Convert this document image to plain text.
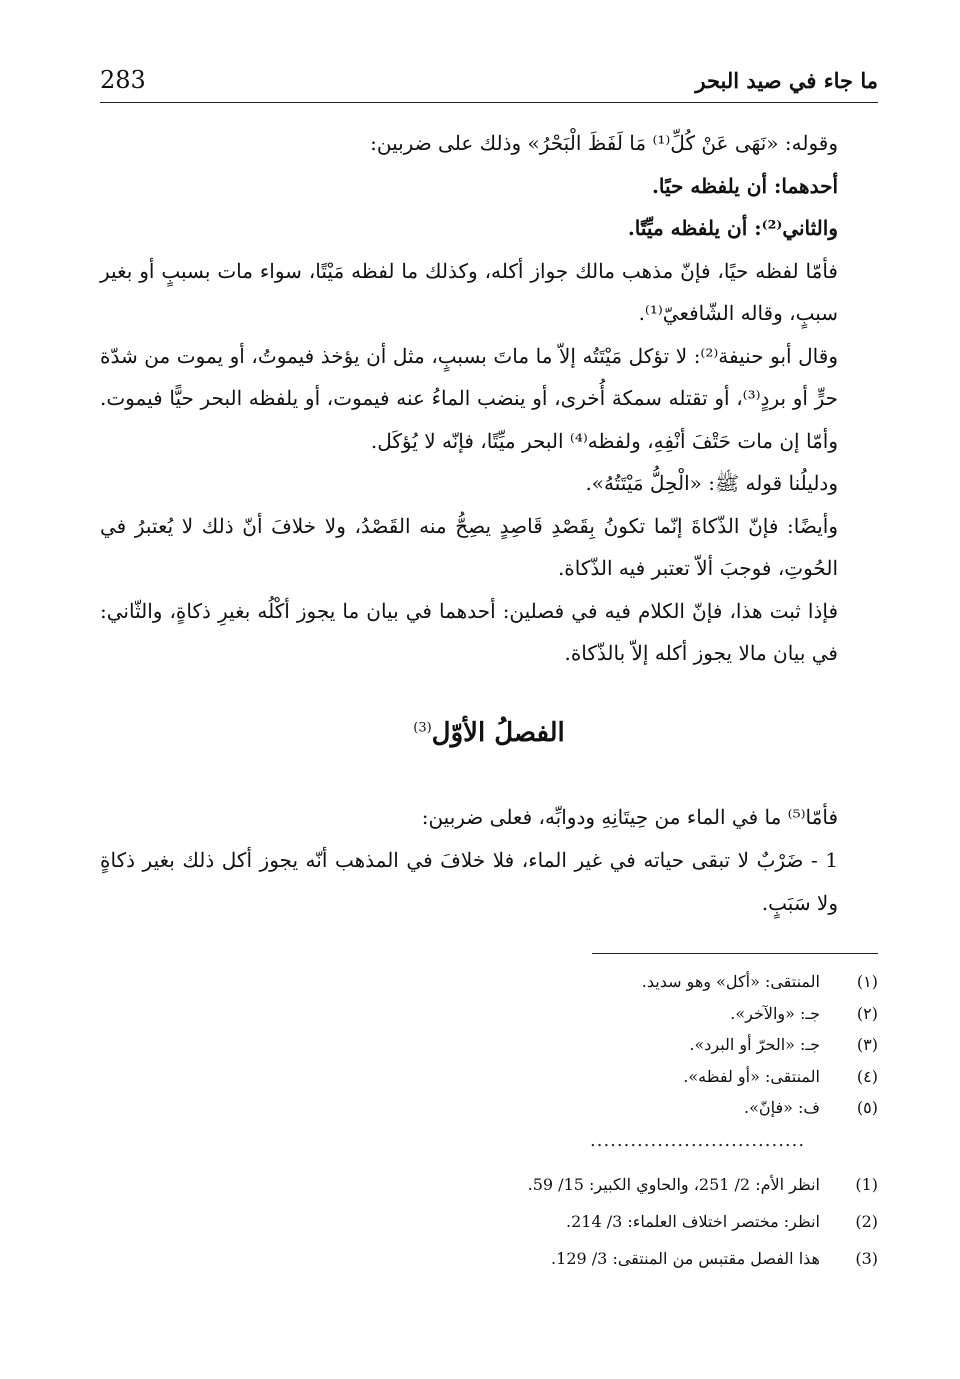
283	ما جاء في صيد البحر

وقوله: «نَهَى عَنْ كُلِّ⁽¹⁾ مَا لَفَظَ الْبَحْرُ» وذلك على ضربين:

أحدهما: أن يلفظه حيًا.

والثاني⁽²⁾: أن يلفظه ميِّتًا.

فأمّا لفظه حيًا، فإنّ مذهب مالك جواز أكله، وكذلك ما لفظه مَيْتًا، سواء مات بسببٍ أو بغير سببٍ، وقاله الشّافعيّ⁽¹⁾.

وقال أبو حنيفة⁽²⁾: لا تؤكل مَيْتَتُه إلاّ ما ماتَ بسببٍ، مثل أن يؤخذ فيموتُ، أو يموت من شدّة حرٍّ أو بردٍ⁽³⁾، أو تقتله سمكة أُخرى، أو ينضب الماءُ عنه فيموت، أو يلفظه البحر حيًّا فيموت. وأمّا إن مات حَتْفَ أنْفِهِ، ولفظه⁽⁴⁾ البحر ميِّتًا، فإنّه لا يُؤكَل.

ودليلُنا قوله ﷺ: «الْحِلُّ مَيْتَتُهُ».

وأيضًا: فإنّ الذّكاةَ إنّما تكونُ بِقَصْدِ قَاصِدٍ يصِحُّ منه القَصْدُ، ولا خلافَ أنّ ذلك لا يُعتبرُ في الحُوتِ، فوجبَ ألاّ تعتبر فيه الذّكاة.

فإذا ثبت هذا، فإنّ الكلام فيه في فصلين: أحدهما في بيان ما يجوز أكْلُه بغيرِ ذكاةٍ، والثّاني: في بيان مالا يجوز أكله إلاّ بالذّكاة.

الفصلُ الأوّل$^{(3)}$

فأمّا⁽⁵⁾ ما في الماء من حِيتَانِهِ ودوابِّه، فعلى ضربين:

1 - ضَرْبٌ لا تبقى حياته في غير الماء، فلا خلافَ في المذهب أنّه يجوز أكل ذلك بغير ذكاةٍ ولا سَبَبٍ.

(١)
المنتقى: «أكل» وهو سديد.
(٢)
جـ: «والآخر».
(٣)
جـ: «الحرّ أو البرد».
(٤)
المنتقى: «أو لفظه».
(٥)
ف: «فإنّ».
................................
(1)
انظر الأم: 2/ 251، والحاوي الكبير: 15/ 59.
(2)
انظر: مختصر اختلاف العلماء: 3/ 214.
(3)
هذا الفصل مقتبس من المنتقى: 3/ 129.
